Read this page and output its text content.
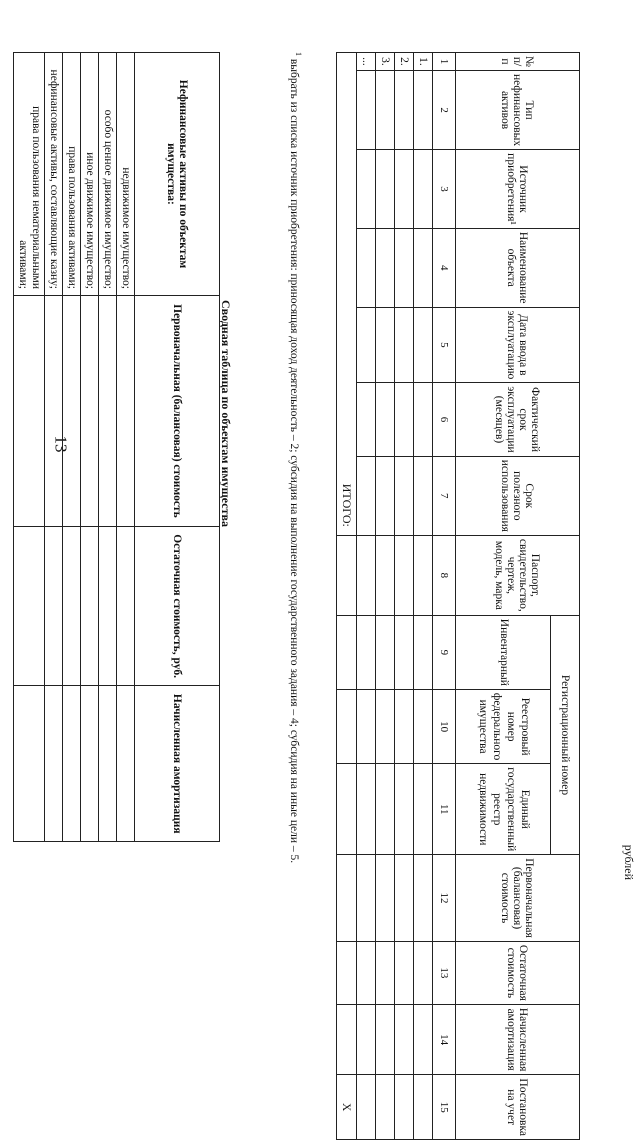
13
рублей
№ п/п	Тип нефинансовых активов	Источник приобретения¹	Наименование объекта	Дата ввода в эксплуатацию	Фактический срок эксплуатации (месяцев)	Срок полезного использования	Паспорт, свидетельство, чертеж, модель, марка	Регистрационный номер			Первоначальная (балансовая) стоимость	Остаточная стоимость	Начисленная амортизация	Постановка на учет
								Инвентарный	Реестровый номер федерального имущества	Единый государственный реестр недвижимости				
1	2	3	4	5	6	7	8	9	10	11	12	13	14	15
1.														
2.														
3.														
...														
ИТОГО:														X
$^1$ выбрать из списка источник приобретения: приносящая доход деятельность – 2; субсидия на выполнение государственного задания – 4; субсидия на иные цели – 5.
Сводная таблица по объектам имущества
Нефинансовые активы по объектам имущества:	Первоначальная (балансовая) стоимость	Остаточная стоимость, руб.	Начисленная амортизация
недвижимое имущество;			
особо ценное движимое имущество;			
иное движимое имущество;			
права пользования активами;			
нефинансовые активы, составляющие казну;			
права пользования нематериальными активами;			
